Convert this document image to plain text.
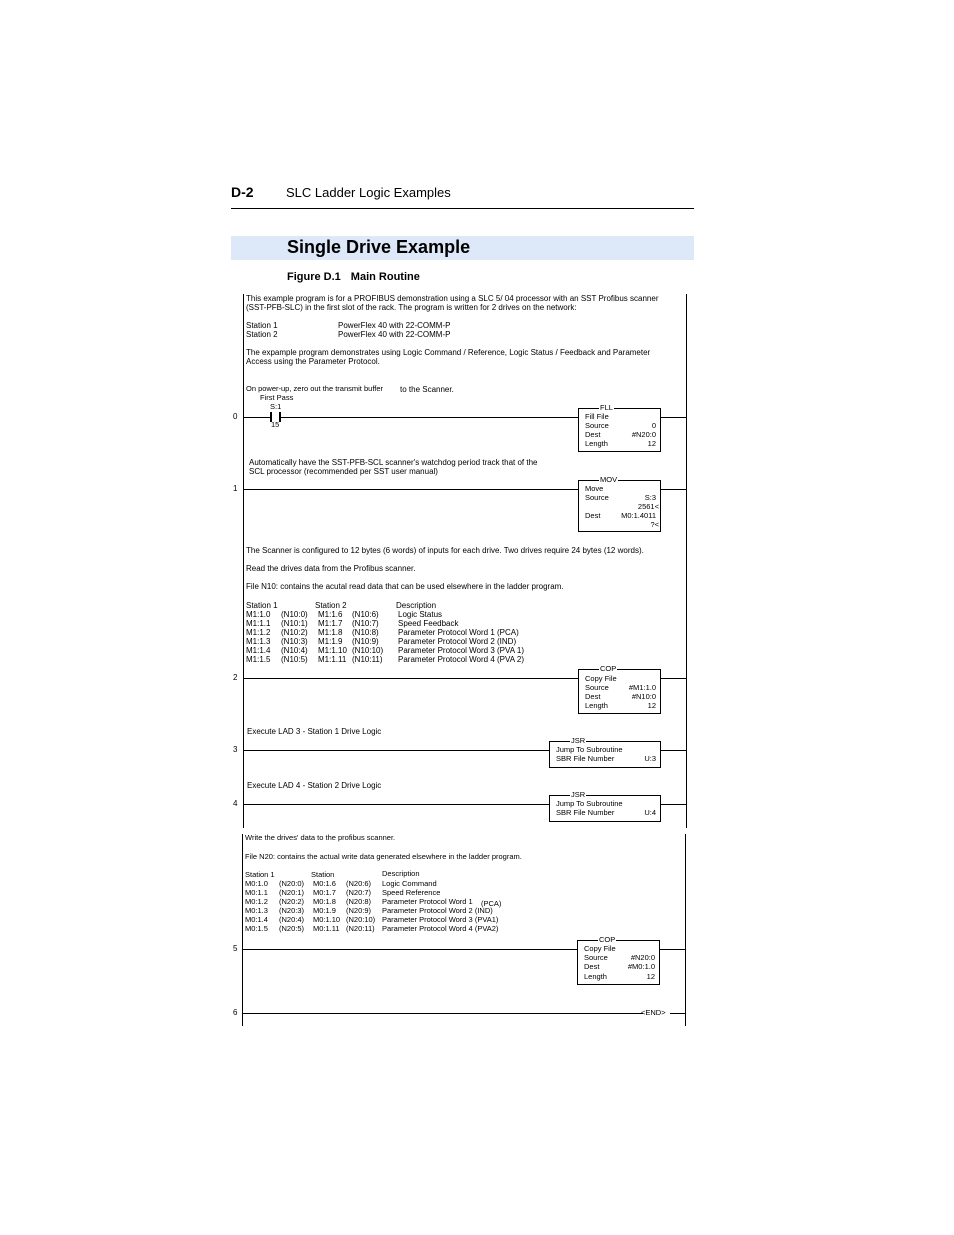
D-2 SLC Ladder Logic Examples
Single Drive Example
Figure D.1 Main Routine
This example program is for a PROFIBUS demonstration using a SLC 5/ 04 processor with an SST Profibus scanner
(SST-PFB-SLC) in the first slot of the rack. The program is written for 2 drives on the network:
Station 1	PowerFlex 40 with 22-COMM-P
Station 2	PowerFlex 40 with 22-COMM-P
The expample program demonstrates using Logic Command / Reference, Logic Status / Feedback and Parameter
Access using the Parameter Protocol.
On power-up, zero out the transmit buffer to the Scanner.
First Pass
S:1
0
15
FLL
Fill File
Source	0
Dest	#N20:0
Length	12
Automatically have the SST-PFB-SCL scanner's watchdog period track that of the
SCL processor (recommended per SST user manual)
1
MOV
Move
Source	S:3
2561<
Dest	M0:1.4011
?<
The Scanner is configured to 12 bytes (6 words) of inputs for each drive. Two drives require 24 bytes (12 words).
Read the drives data from the Profibus scanner.
File N10: contains the acutal read data that can be used elsewhere in the ladder program.
Station 1	Station 2	Description
M1:1.0 (N10:0) M1:1.6 (N10:6) Logic Status
M1:1.1 (N10:1) M1:1.7 (N10:7) Speed Feedback
M1:1.2 (N10:2) M1:1.8 (N10:8) Parameter Protocol Word 1 (PCA)
M1:1.3 (N10:3) M1:1.9 (N10:9) Parameter Protocol Word 2 (IND)
M1:1.4 (N10:4) M1:1.10 (N10:10) Parameter Protocol Word 3 (PVA 1)
M1:1.5 (N10:5) M1:1.11 (N10:11) Parameter Protocol Word 4 (PVA 2)
2
COP
Copy File
Source	#M1:1.0
Dest	#N10:0
Length	12
Execute LAD 3 - Station 1 Drive Logic
3
JSR
Jump To Subroutine
SBR File Number	U:3
Execute LAD 4 - Station 2 Drive Logic
4
JSR
Jump To Subroutine
SBR File Number	U:4
Write the drives' data to the profibus scanner.
File N20: contains the actual write data generated elsewhere in the ladder program.
Station 1	Station	Description
M0:1.0 (N20:0) M0:1.6 (N20:6) Logic Command
M0:1.1 (N20:1) M0:1.7 (N20:7) Speed Reference
M0:1.2 (N20:2) M0:1.8 (N20:8) Parameter Protocol Word 1 (PCA)
M0:1.3 (N20:3) M0:1.9 (N20:9) Parameter Protocol Word 2 (IND)
M0:1.4 (N20:4) M0:1.10 (N20:10) Parameter Protocol Word 3 (PVA1)
M0:1.5 (N20:5) M0:1.11 (N20:11) Parameter Protocol Word 4 (PVA2)
5
COP
Copy File
Source	#N20:0
Dest	#M0:1.0
Length	12
6	<END>
